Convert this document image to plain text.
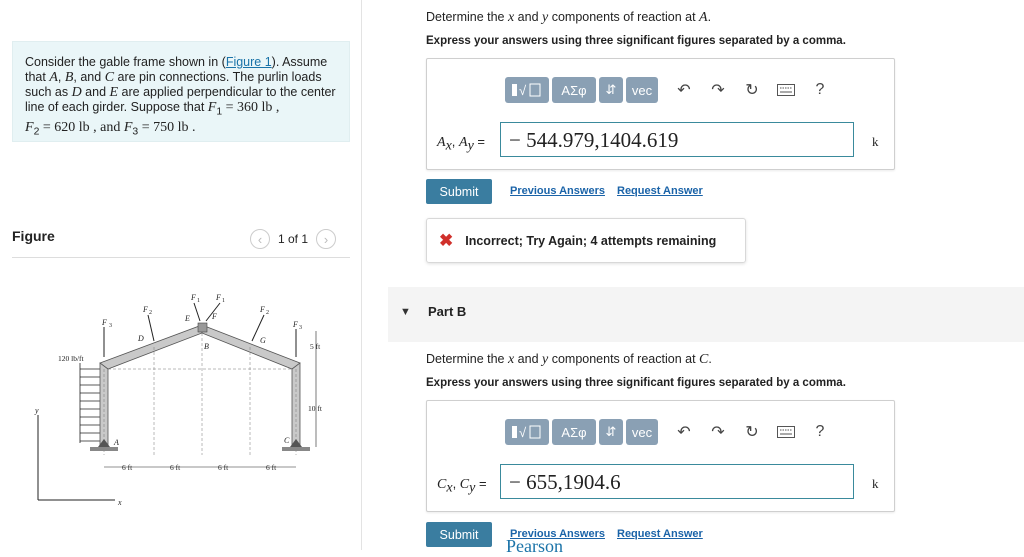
Consider the gable frame shown in (Figure 1). Assume that A, B, and C are pin connections. The purlin loads such as D and E are applied perpendicular to the center line of each girder. Suppose that $F_1 = 360$ lb ,
$F_2 = 620$ lb , and $F_3 = 750$ lb .
Figure	‹	1 of 1	›
y
x
120 lb/ft
A
B
C
D
E	F
G
F 3
F 2
F 1 F 1
F 2
F 3
5 ft
10 ft
6 ft	6 ft	6 ft	6 ft
Determine the x and y components of reaction at A.
Express your answers using three significant figures separated by a comma.
√	ΑΣφ	⇵	vec	↶ ↷ ↻	?
$A_x$, $A_y$ =	− 544.979,1404.619	k
Submit	Previous Answers Request Answer
✖ Incorrect; Try Again; 4 attempts remaining
▼ Part B
Determine the x and y components of reaction at C.
Express your answers using three significant figures separated by a comma.
√	ΑΣφ	⇵	vec	↶ ↷ ↻	?
$C_x$, $C_y$ =	− 655,1904.6	k
Submit	Previous Answers Request Answer
Pearson
